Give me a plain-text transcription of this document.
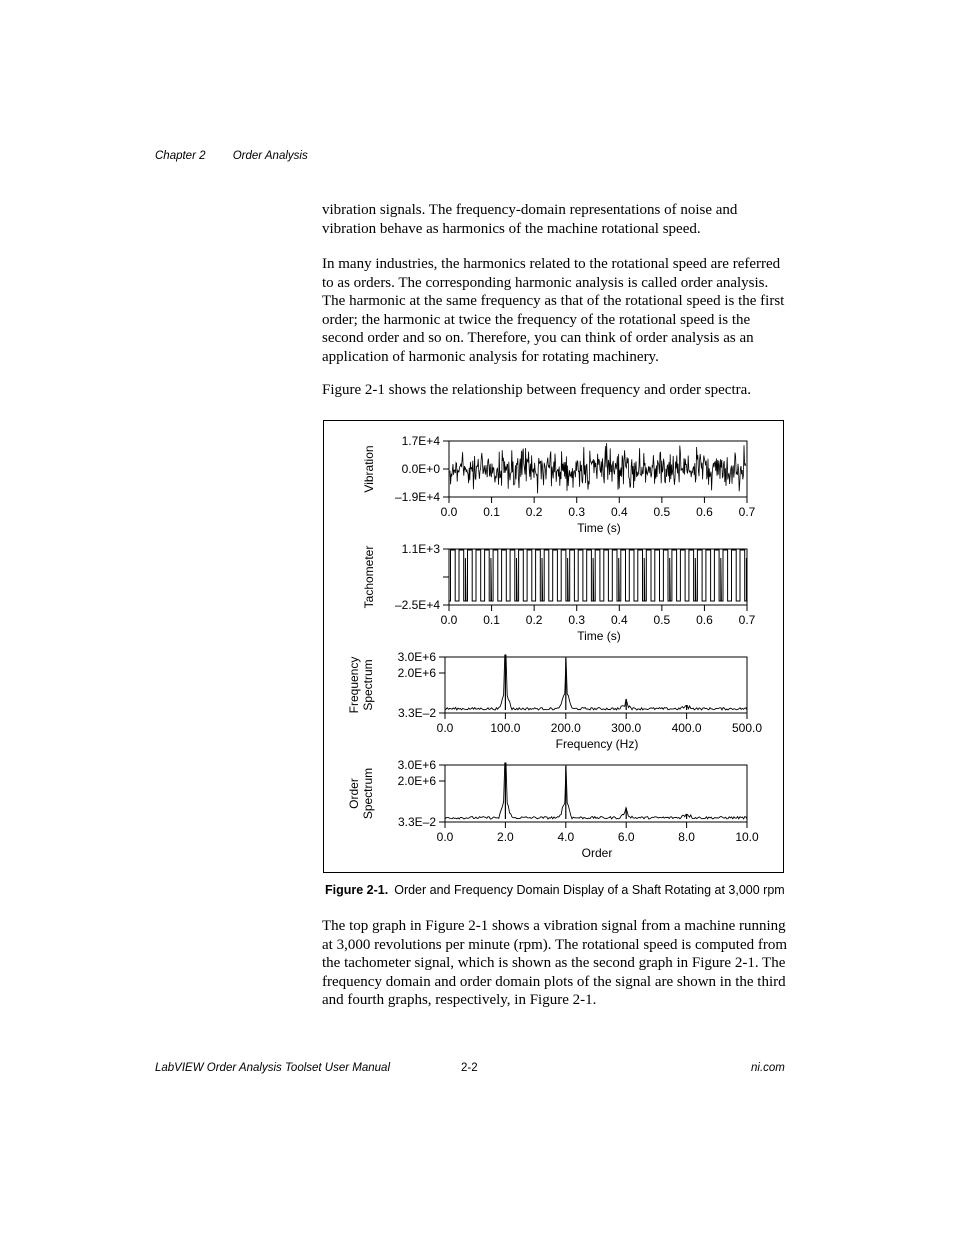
Chapter 2 Order Analysis

vibration signals. The frequency-domain representations of noise and vibration behave as harmonics of the machine rotational speed.

In many industries, the harmonics related to the rotational speed are referred to as orders. The corresponding harmonic analysis is called order analysis. The harmonic at the same frequency as that of the rotational speed is the first order; the harmonic at twice the frequency of the rotational speed is the second order and so on. Therefore, you can think of order analysis as an application of harmonic analysis for rotating machinery.

Figure 2-1 shows the relationship between frequency and order spectra.

1.7E+4
0.0E+0
–1.9E+4
0.0 0.1 0.2 0.3 0.4 0.5 0.6 0.7
Time (s)
Vibration
1.1E+3
–2.5E+4
0.0 0.1 0.2 0.3 0.4 0.5 0.6 0.7
Time (s)
Tachometer
3.0E+6
2.0E+6
3.3E–2
0.0	100.0	200.0	300.0	400.0	500.0
Frequency (Hz)
Frequency Spectrum
3.0E+6
2.0E+6
3.3E–2
0.0	2.0	4.0	6.0	8.0	10.0
Order
Order Spectrum
Figure 2-1. Order and Frequency Domain Display of a Shaft Rotating at 3,000 rpm

The top graph in Figure 2-1 shows a vibration signal from a machine running at 3,000 revolutions per minute (rpm). The rotational speed is computed from the tachometer signal, which is shown as the second graph in Figure 2-1. The frequency domain and order domain plots of the signal are shown in the third and fourth graphs, respectively, in Figure 2-1.

LabVIEW Order Analysis Toolset User Manual	2-2	ni.com
